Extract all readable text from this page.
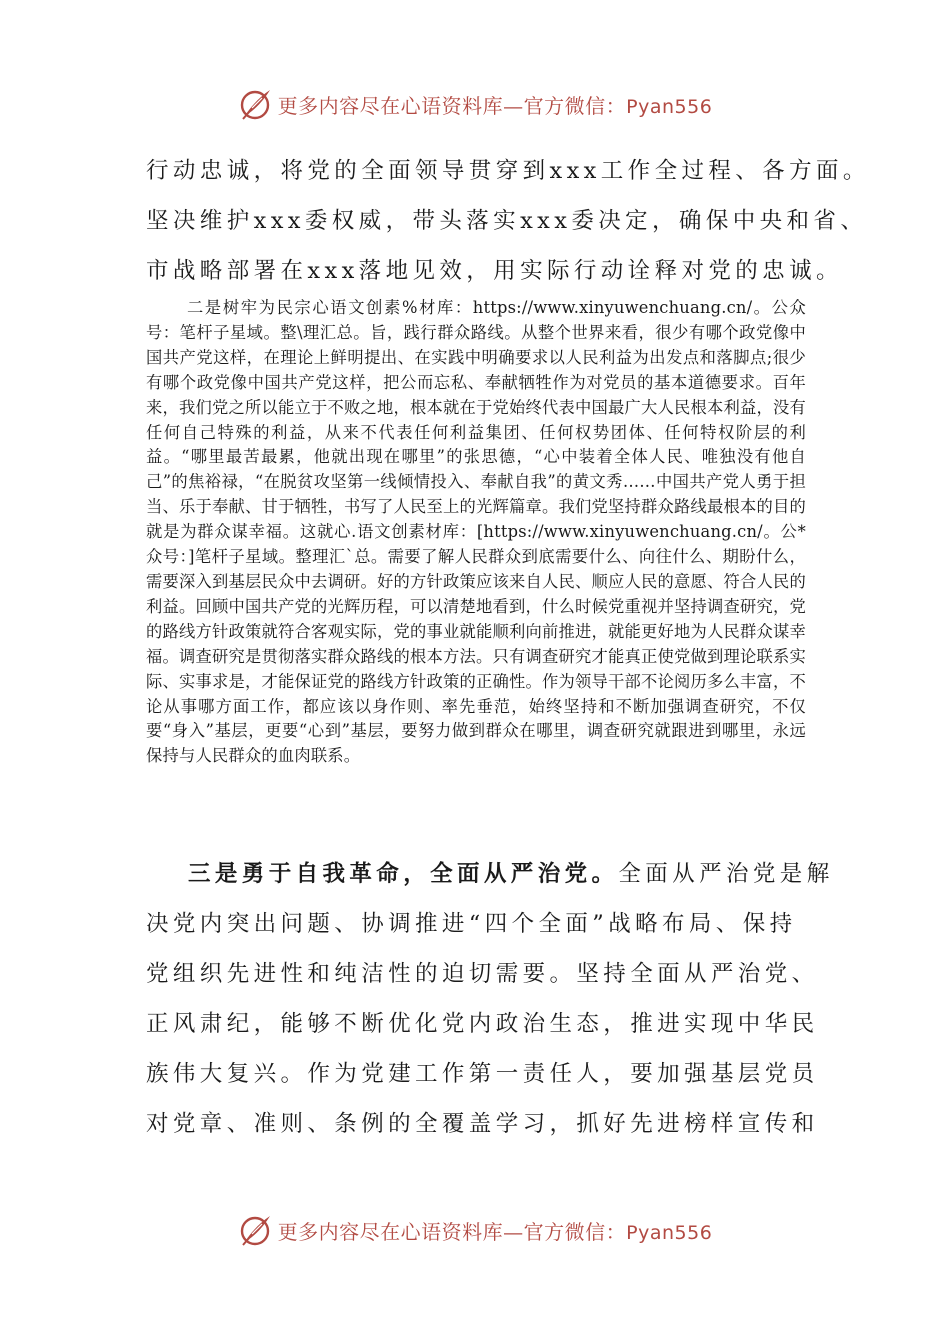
更多内容尽在心语资料库—官方微信：Pyan556
行动忠诚，将党的全面领导贯穿到xxx工作全过程、各方面。
坚决维护xxx委权威，带头落实xxx委决定，确保中央和省、
市战略部署在xxx落地见效，用实际行动诠释对党的忠诚。

二是树牢为民宗心语文创素%材库：https://www.xinyuwenchuang.cn/。公众号：笔杆子星域。整\理汇总。旨，践行群众路线。从整个世界来看，很少有哪个政党像中国共产党这样，在理论上鲜明提出、在实践中明确要求以人民利益为出发点和落脚点;很少有哪个政党像中国共产党这样，把公而忘私、奉献牺牲作为对党员的基本道德要求。百年来，我们党之所以能立于不败之地，根本就在于党始终代表中国最广大人民根本利益，没有任何自己特殊的利益，从来不代表任何利益集团、任何权势团体、任何特权阶层的利益。“哪里最苦最累，他就出现在哪里”的张思德，“心中装着全体人民、唯独没有他自己”的焦裕禄，“在脱贫攻坚第一线倾情投入、奉献自我”的黄文秀……中国共产党人勇于担当、乐于奉献、甘于牺牲，书写了人民至上的光辉篇章。我们党坚持群众路线最根本的目的就是为群众谋幸福。这就心.语文创素材库：[https://www.xinyuwenchuang.cn/。公*众号：]笔杆子星域。整理汇`总。需要了解人民群众到底需要什么、向往什么、期盼什么，需要深入到基层民众中去调研。好的方针政策应该来自人民、顺应人民的意愿、符合人民的利益。回顾中国共产党的光辉历程，可以清楚地看到，什么时候党重视并坚持调查研究，党的路线方针政策就符合客观实际，党的事业就能顺利向前推进，就能更好地为人民群众谋幸福。调查研究是贯彻落实群众路线的根本方法。只有调查研究才能真正使党做到理论联系实际、实事求是，才能保证党的路线方针政策的正确性。作为领导干部不论阅历多么丰富，不论从事哪方面工作，都应该以身作则、率先垂范，始终坚持和不断加强调查研究，不仅要“身入”基层，更要“心到”基层，要努力做到群众在哪里，调查研究就跟进到哪里，永远保持与人民群众的血肉联系。

三是勇于自我革命，全面从严治党。全面从严治党是解
决党内突出问题、协调推进“四个全面”战略布局、保持
党组织先进性和纯洁性的迫切需要。坚持全面从严治党、
正风肃纪，能够不断优化党内政治生态，推进实现中华民
族伟大复兴。作为党建工作第一责任人，要加强基层党员
对党章、准则、条例的全覆盖学习，抓好先进榜样宣传和
更多内容尽在心语资料库—官方微信：Pyan556
